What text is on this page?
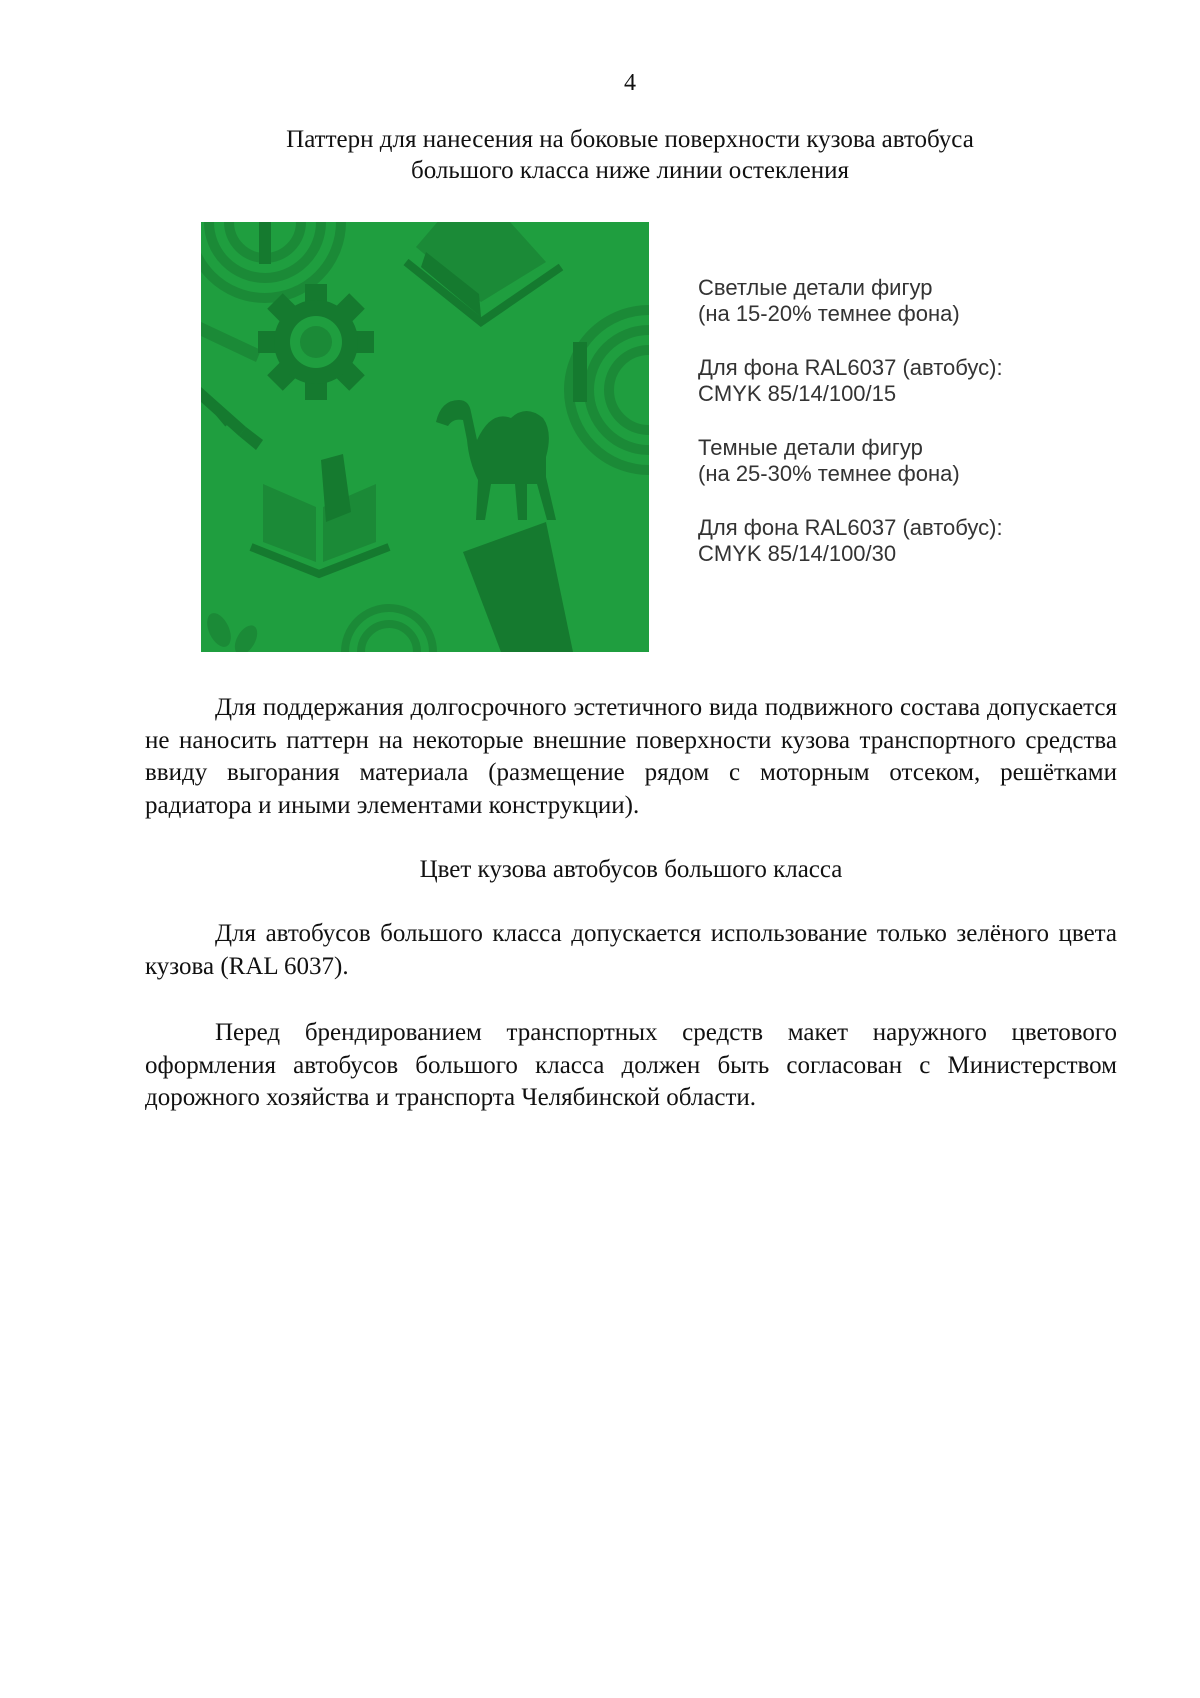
4
Паттерн для нанесения на боковые поверхности кузова автобуса
большого класса ниже линии остекления
Светлые детали фигур
(на 15-20% темнее фона)
Для фона RAL6037 (автобус):
CMYK 85/14/100/15
Темные детали фигур
(на 25-30% темнее фона)
Для фона RAL6037 (автобус):
CMYK 85/14/100/30

Для поддержания долгосрочного эстетичного вида подвижного состава допускается не наносить паттерн на некоторые внешние поверхности кузова транспортного средства ввиду выгорания материала (размещение рядом с моторным отсеком, решётками радиатора и иными элементами конструкции).

Цвет кузова автобусов большого класса

Для автобусов большого класса допускается использование только зелёного цвета кузова (RAL 6037).

Перед брендированием транспортных средств макет наружного цветового оформления автобусов большого класса должен быть согласован с Министерством дорожного хозяйства и транспорта Челябинской области.
